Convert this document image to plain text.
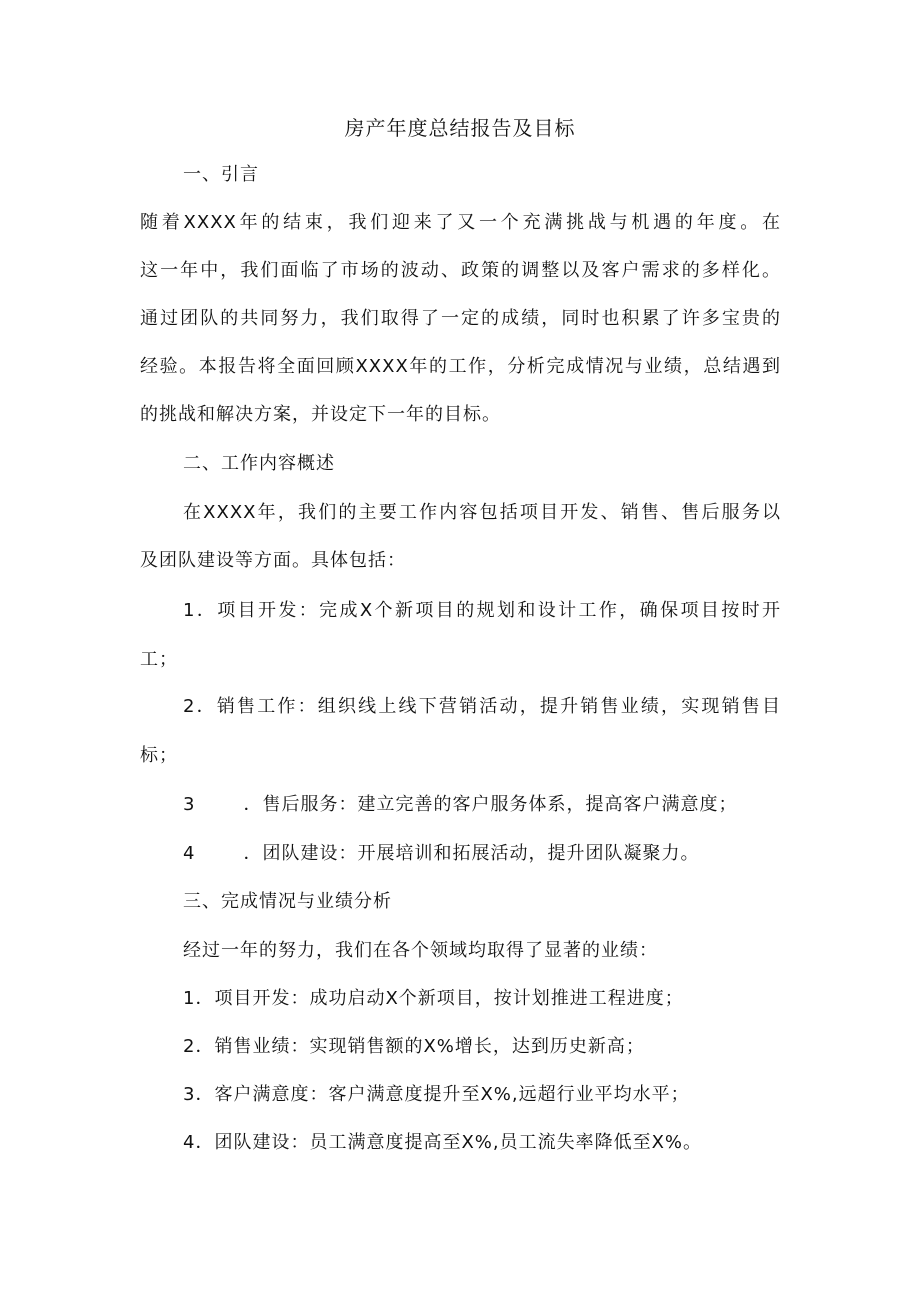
房产年度总结报告及目标
一、引言
随着XXXX年的结束，我们迎来了又一个充满挑战与机遇的年度。在
这一年中，我们面临了市场的波动、政策的调整以及客户需求的多样化。
通过团队的共同努力，我们取得了一定的成绩，同时也积累了许多宝贵的
经验。本报告将全面回顾XXXX年的工作，分析完成情况与业绩，总结遇到
的挑战和解决方案，并设定下一年的目标。
二、工作内容概述
在XXXX年，我们的主要工作内容包括项目开发、销售、售后服务以
及团队建设等方面。具体包括：
1．项目开发：完成X个新项目的规划和设计工作，确保项目按时开
工；
2．销售工作：组织线上线下营销活动，提升销售业绩，实现销售目
标；
3	．售后服务：建立完善的客户服务体系，提高客户满意度；
4	．团队建设：开展培训和拓展活动，提升团队凝聚力。
三、完成情况与业绩分析
经过一年的努力，我们在各个领域均取得了显著的业绩：
1．项目开发：成功启动X个新项目，按计划推进工程进度；
2．销售业绩：实现销售额的X%增长，达到历史新高；
3．客户满意度：客户满意度提升至X%,远超行业平均水平；
4．团队建设：员工满意度提高至X%,员工流失率降低至X%。
